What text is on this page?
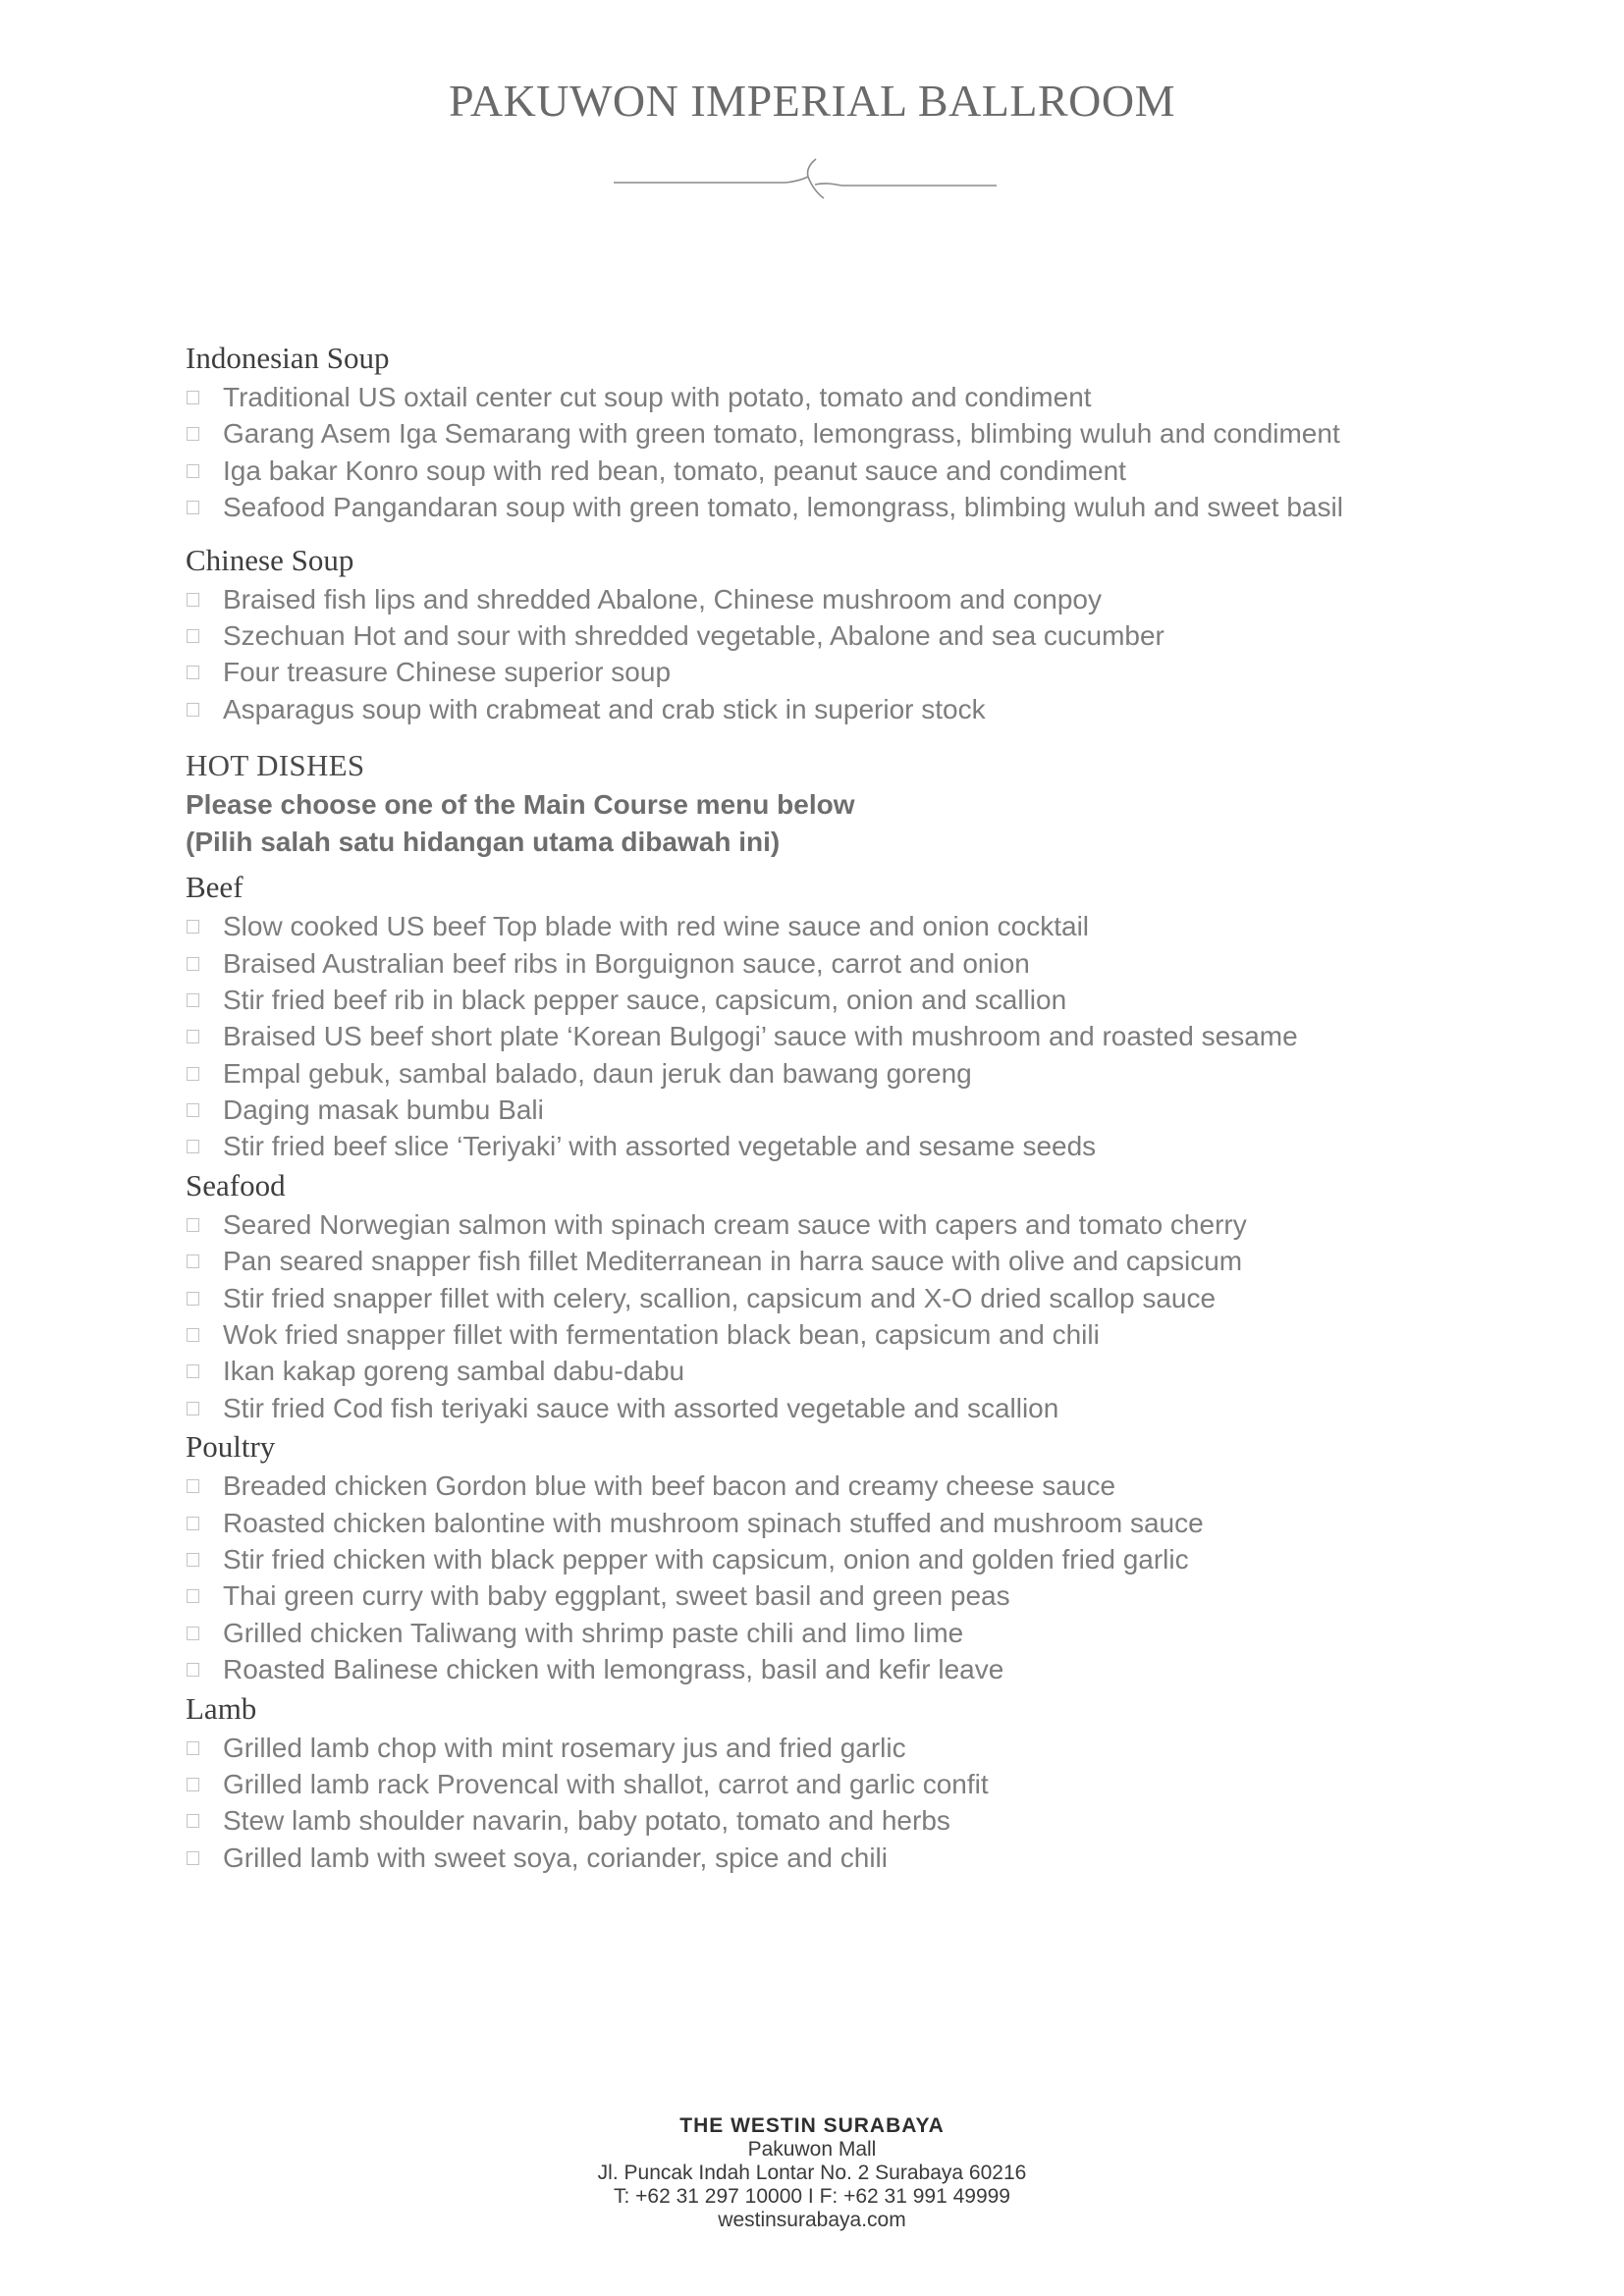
PAKUWON IMPERIAL BALLROOM
Indonesian Soup
Traditional US oxtail center cut soup with potato, tomato and condiment
Garang Asem Iga Semarang with green tomato, lemongrass, blimbing wuluh and condiment
Iga bakar Konro soup with red bean, tomato, peanut sauce and condiment
Seafood Pangandaran soup with green tomato, lemongrass, blimbing wuluh and sweet basil
Chinese Soup
Braised fish lips and shredded Abalone, Chinese mushroom and conpoy
Szechuan Hot and sour with shredded vegetable, Abalone and sea cucumber
Four treasure Chinese superior soup
Asparagus soup with crabmeat and crab stick in superior stock
HOT DISHES

Please choose one of the Main Course menu below

(Pilih salah satu hidangan utama dibawah ini)

Beef
Slow cooked US beef Top blade with red wine sauce and onion cocktail
Braised Australian beef ribs in Borguignon sauce, carrot and onion
Stir fried beef rib in black pepper sauce, capsicum, onion and scallion
Braised US beef short plate ‘Korean Bulgogi’ sauce with mushroom and roasted sesame
Empal gebuk, sambal balado, daun jeruk dan bawang goreng
Daging masak bumbu Bali
Stir fried beef slice ‘Teriyaki’ with assorted vegetable and sesame seeds
Seafood
Seared Norwegian salmon with spinach cream sauce with capers and tomato cherry
Pan seared snapper fish fillet Mediterranean in harra sauce with olive and capsicum
Stir fried snapper fillet with celery, scallion, capsicum and X-O dried scallop sauce
Wok fried snapper fillet with fermentation black bean, capsicum and chili
Ikan kakap goreng sambal dabu-dabu
Stir fried Cod fish teriyaki sauce with assorted vegetable and scallion
Poultry
Breaded chicken Gordon blue with beef bacon and creamy cheese sauce
Roasted chicken balontine with mushroom spinach stuffed and mushroom sauce
Stir fried chicken with black pepper with capsicum, onion and golden fried garlic
Thai green curry with baby eggplant, sweet basil and green peas
Grilled chicken Taliwang with shrimp paste chili and limo lime
Roasted Balinese chicken with lemongrass, basil and kefir leave
Lamb
Grilled lamb chop with mint rosemary jus and fried garlic
Grilled lamb rack Provencal with shallot, carrot and garlic confit
Stew lamb shoulder navarin, baby potato, tomato and herbs
Grilled lamb with sweet soya, coriander, spice and chili
THE WESTIN SURABAYA
Pakuwon Mall
Jl. Puncak Indah Lontar No. 2 Surabaya 60216
T: +62 31 297 10000 I F: +62 31 991 49999
westinsurabaya.com
